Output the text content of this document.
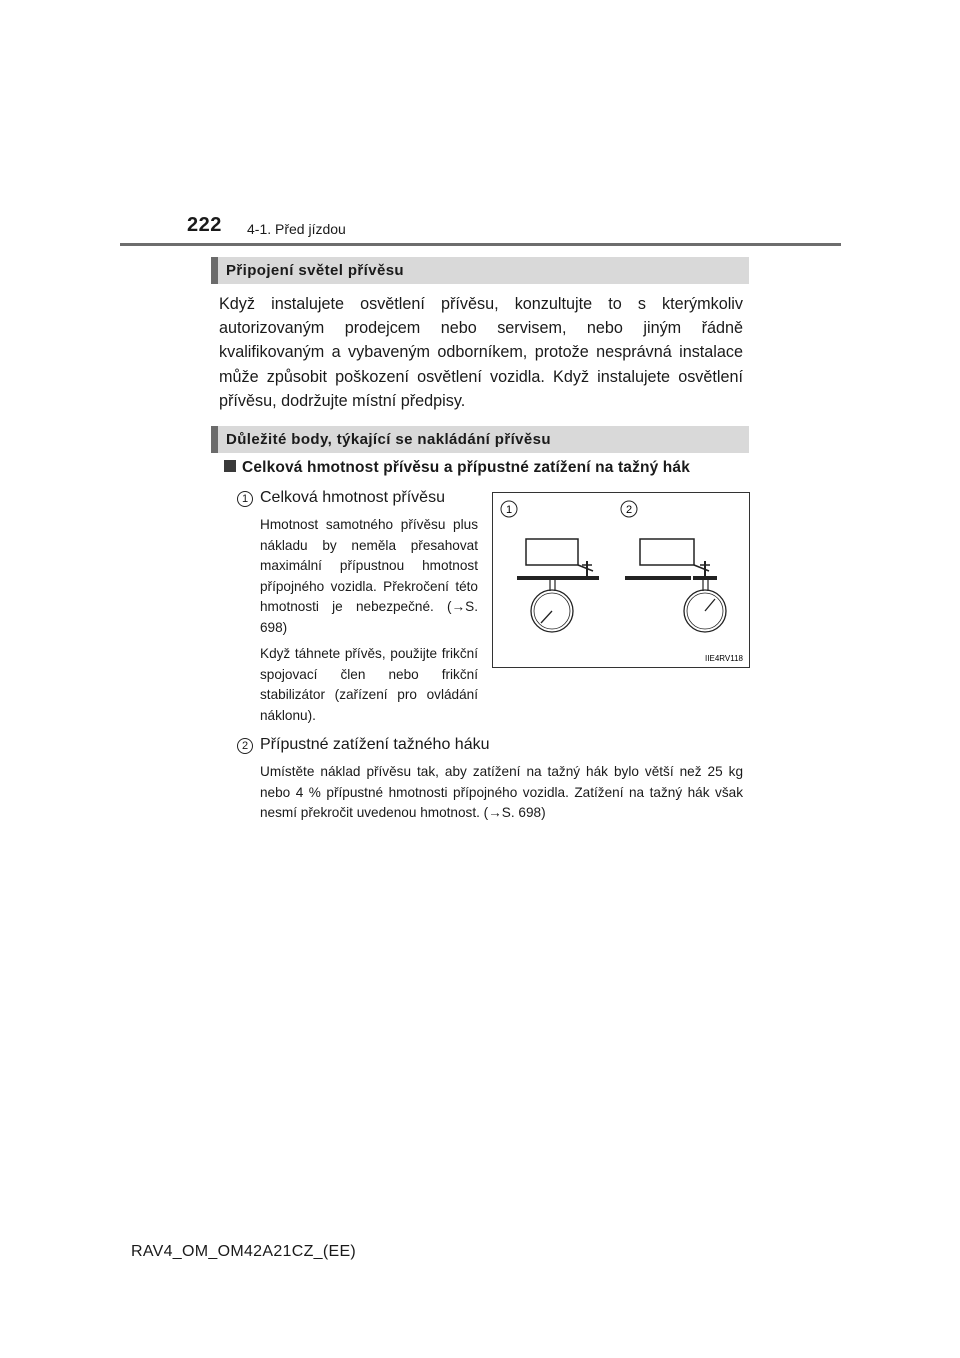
222 4-1. Před jízdou
Připojení světel přívěsu
Když instalujete osvětlení přívěsu, konzultujte to s kterýmkoliv autorizovaným prodejcem nebo servisem, nebo jiným řádně kvalifikovaným a vybaveným odborníkem, protože nesprávná instalace může způsobit poškození osvětlení vozidla. Když instalujete osvětlení přívěsu, dodržujte místní předpisy.
Důležité body, týkající se nakládání přívěsu
Celková hmotnost přívěsu a přípustné zatížení na tažný hák
1 Celková hmotnost přívěsu
Hmotnost samotného přívěsu plus nákladu by neměla přesahovat maximální přípustnou hmotnost přípojného vozidla. Překročení této hmotnosti je nebezpečné. (→S. 698)
Když táhnete přívěs, použijte frikční spojovací člen nebo frikční stabilizátor (zařízení pro ovládání náklonu).
1	2
IIE4RV118
2 Přípustné zatížení tažného háku
Umístěte náklad přívěsu tak, aby zatížení na tažný hák bylo větší než 25 kg nebo 4 % přípustné hmotnosti přípojného vozidla. Zatížení na tažný hák však nesmí překročit uvedenou hmotnost. (→S. 698)
RAV4_OM_OM42A21CZ_(EE)
